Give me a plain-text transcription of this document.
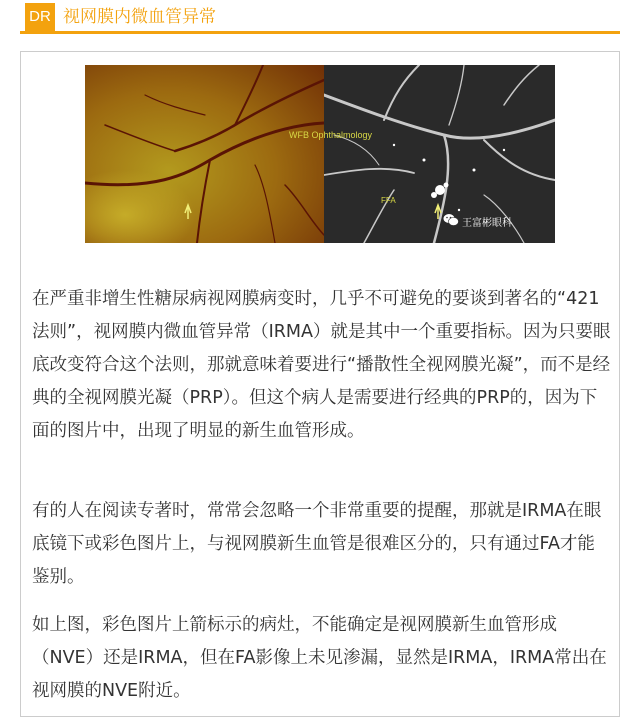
DR 视网膜内微血管异常
WFB Ophthalmology
FFA
王富彬眼科

在严重非增生性糖尿病视网膜病变时，几乎不可避免的要谈到著名的“421法则”，视网膜内微血管异常（IRMA）就是其中一个重要指标。因为只要眼底改变符合这个法则，那就意味着要进行“播散性全视网膜光凝”，而不是经典的全视网膜光凝（PRP）。但这个病人是需要进行经典的PRP的，因为下面的图片中，出现了明显的新生血管形成。

有的人在阅读专著时，常常会忽略一个非常重要的提醒，那就是IRMA在眼底镜下或彩色图片上，与视网膜新生血管是很难区分的，只有通过FA才能鉴别。

如上图，彩色图片上箭标示的病灶，不能确定是视网膜新生血管形成（NVE）还是IRMA，但在FA影像上未见渗漏，显然是IRMA，IRMA常出在视网膜的NVE附近。
